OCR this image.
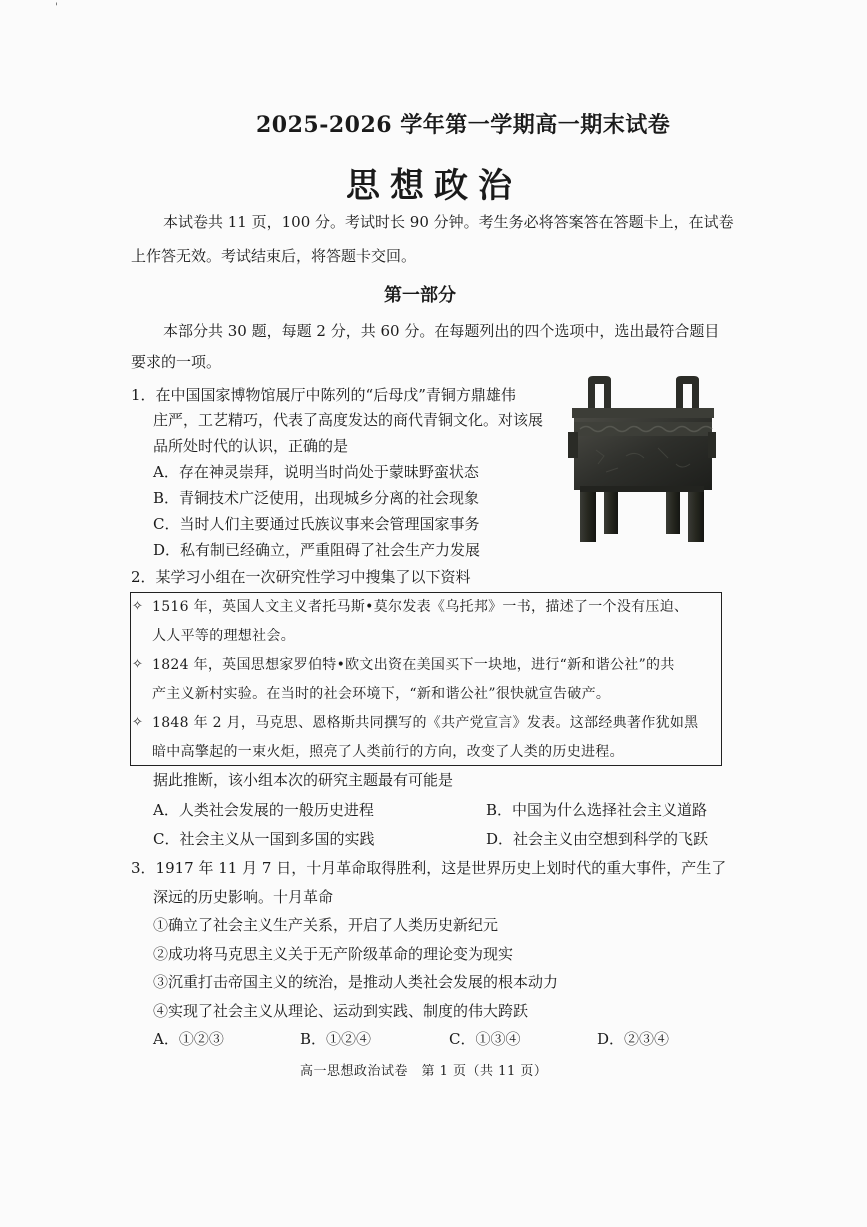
'
2025-2026 学年第一学期高一期末试卷
思想政治
本试卷共 11 页，100 分。考试时长 90 分钟。考生务必将答案答在答题卡上，在试卷
上作答无效。考试结束后，将答题卡交回。
第一部分
本部分共 30 题，每题 2 分，共 60 分。在每题列出的四个选项中，选出最符合题目
要求的一项。
1．在中国国家博物馆展厅中陈列的“后母戊”青铜方鼎雄伟
庄严，工艺精巧，代表了高度发达的商代青铜文化。对该展
品所处时代的认识，正确的是
A．存在神灵崇拜，说明当时尚处于蒙昧野蛮状态
B．青铜技术广泛使用，出现城乡分离的社会现象
C．当时人们主要通过氏族议事来会管理国家事务
D．私有制已经确立，严重阻碍了社会生产力发展
2．某学习小组在一次研究性学习中搜集了以下资料
✧ 1516 年，英国人文主义者托马斯•莫尔发表《乌托邦》一书，描述了一个没有压迫、
人人平等的理想社会。
✧ 1824 年，英国思想家罗伯特•欧文出资在美国买下一块地，进行“新和谐公社”的共
产主义新村实验。在当时的社会环境下，“新和谐公社”很快就宣告破产。
✧ 1848 年 2 月，马克思、恩格斯共同撰写的《共产党宣言》发表。这部经典著作犹如黑
暗中高擎起的一束火炬，照亮了人类前行的方向，改变了人类的历史进程。
据此推断，该小组本次的研究主题最有可能是
A．人类社会发展的一般历史进程	B．中国为什么选择社会主义道路
C．社会主义从一国到多国的实践	D．社会主义由空想到科学的飞跃
3．1917 年 11 月 7 日，十月革命取得胜利，这是世界历史上划时代的重大事件，产生了
深远的历史影响。十月革命
①确立了社会主义生产关系，开启了人类历史新纪元
②成功将马克思主义关于无产阶级革命的理论变为现实
③沉重打击帝国主义的统治，是推动人类社会发展的根本动力
④实现了社会主义从理论、运动到实践、制度的伟大跨跃
A．①②③	B．①②④	C．①③④	D．②③④
高一思想政治试卷　第 1 页（共 11 页）
